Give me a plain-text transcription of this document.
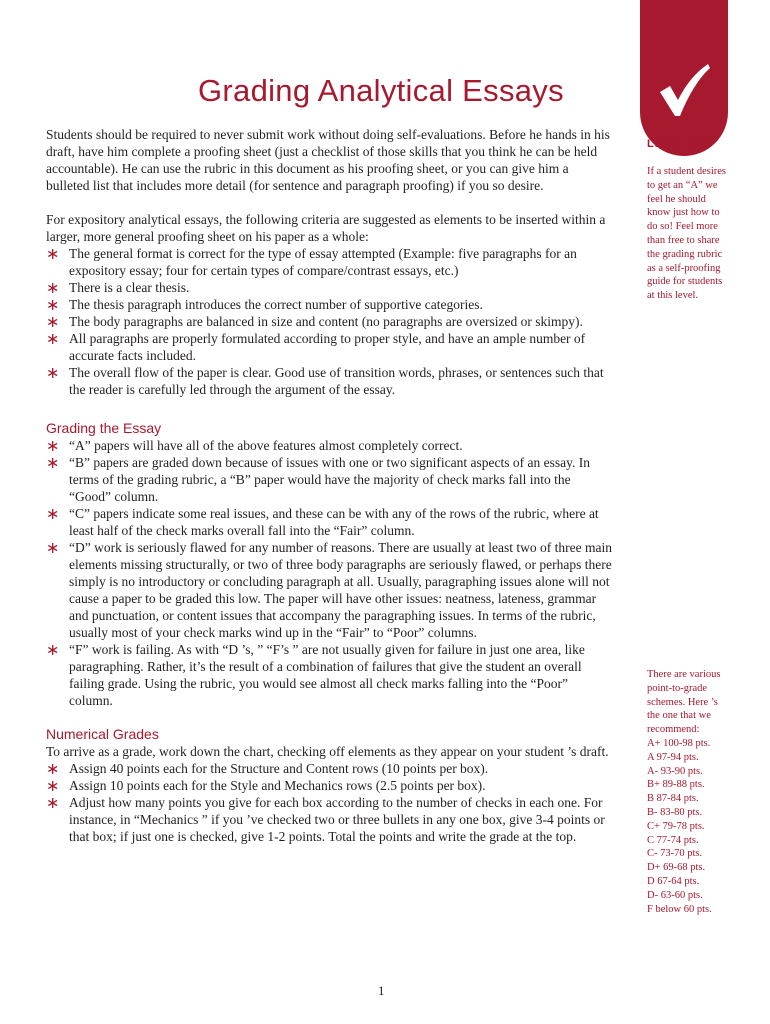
Grading Analytical Essays
Levels 8-12

If a student desires to get an “A” we feel he should know just how to do so! Feel more than free to share the grading rubric as a self-proofing guide for students at this level.

There are various point-to-grade schemes. Here ’s the one that we recommend:

A+ 100-98 pts.
A 97-94 pts.
A- 93-90 pts.
B+ 89-88 pts.
B 87-84 pts.
B- 83-80 pts.
C+ 79-78 pts.
C 77-74 pts.
C- 73-70 pts.
D+ 69-68 pts.
D 67-64 pts.
D- 63-60 pts.
F below 60 pts.

Students should be required to never submit work without doing self-evaluations. Before he hands in his draft, have him complete a proofing sheet (just a checklist of those skills that you think he can be held accountable). He can use the rubric in this document as his proofing sheet, or you can give him a bulleted list that includes more detail (for sentence and paragraph proofing) if you so desire.

For expository analytical essays, the following criteria are suggested as elements to be inserted within a larger, more general proofing sheet on his paper as a whole:

∗ The general format is correct for the type of essay attempted (Example: five paragraphs for an expository essay; four for certain types of compare/contrast essays, etc.)
∗ There is a clear thesis.
∗ The thesis paragraph introduces the correct number of supportive categories.
∗ The body paragraphs are balanced in size and content (no paragraphs are oversized or skimpy).
∗ All paragraphs are properly formulated according to proper style, and have an ample number of accurate facts included.
∗ The overall flow of the paper is clear. Good use of transition words, phrases, or sentences such that the reader is carefully led through the argument of the essay.
Grading the Essay
∗ “A” papers will have all of the above features almost completely correct.
∗ “B” papers are graded down because of issues with one or two significant aspects of an essay. In terms of the grading rubric, a “B” paper would have the majority of check marks fall into the “Good” column.
∗ “C” papers indicate some real issues, and these can be with any of the rows of the rubric, where at least half of the check marks overall fall into the “Fair” column.
∗ “D” work is seriously flawed for any number of reasons. There are usually at least two of three main elements missing structurally, or two of three body paragraphs are seriously flawed, or perhaps there simply is no introductory or concluding paragraph at all. Usually, paragraphing issues alone will not cause a paper to be graded this low. The paper will have other issues: neatness, lateness, grammar and punctuation, or content issues that accompany the paragraphing issues. In terms of the rubric, usually most of your check marks wind up in the “Fair” to “Poor” columns.
∗ “F” work is failing. As with “D ’s, ” “F’s ” are not usually given for failure in just one area, like paragraphing. Rather, it’s the result of a combination of failures that give the student an overall failing grade. Using the rubric, you would see almost all check marks falling into the “Poor” column.
Numerical Grades

To arrive as a grade, work down the chart, checking off elements as they appear on your student ’s draft.

∗ Assign 40 points each for the Structure and Content rows (10 points per box).
∗ Assign 10 points each for the Style and Mechanics rows (2.5 points per box).
∗ Adjust how many points you give for each box according to the number of checks in each one. For instance, in “Mechanics ” if you ’ve checked two or three bullets in any one box, give 3-4 points or that box; if just one is checked, give 1-2 points. Total the points and write the grade at the top.
1
